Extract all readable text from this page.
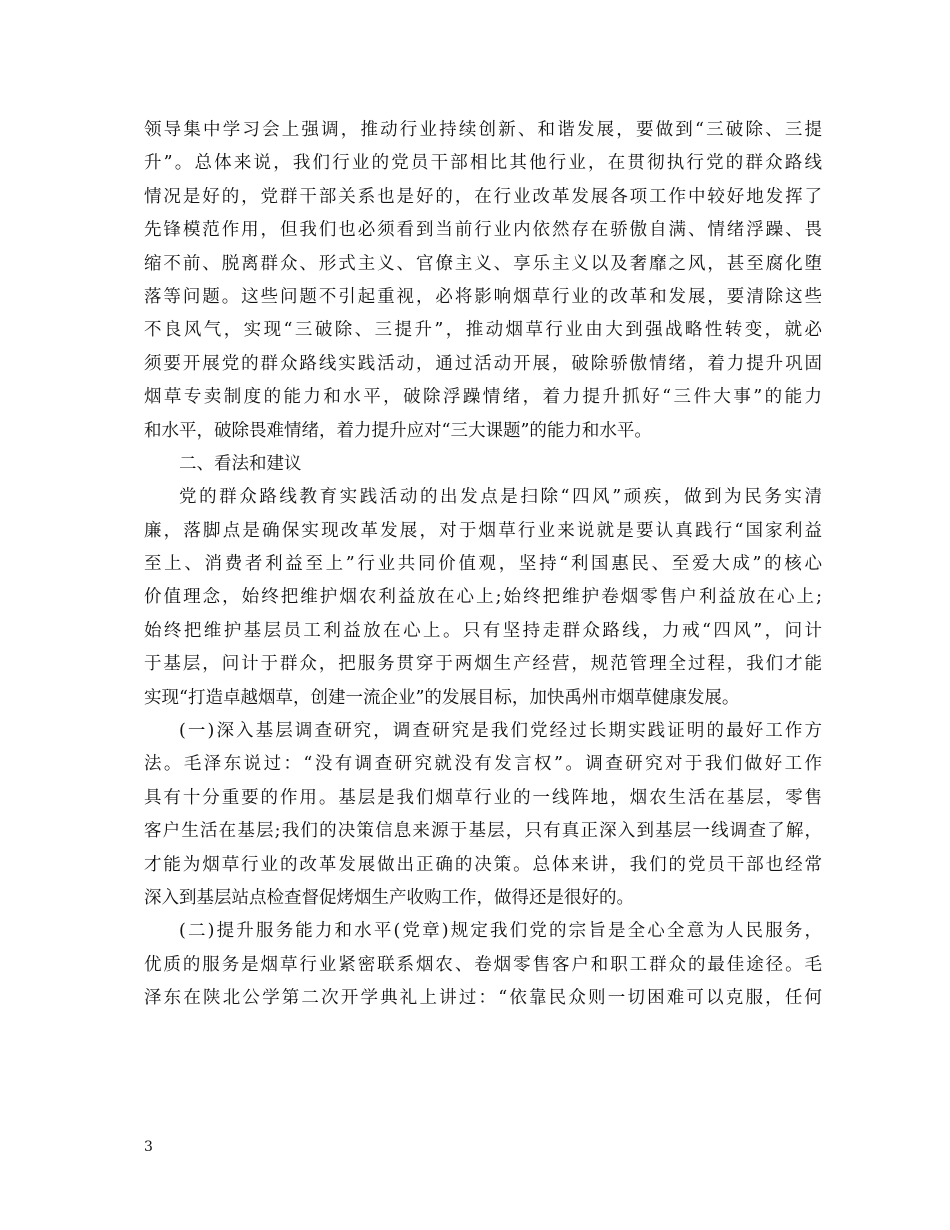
领导集中学习会上强调，推动行业持续创新、和谐发展，要做到“三破除、三提
升”。总体来说，我们行业的党员干部相比其他行业，在贯彻执行党的群众路线
情况是好的，党群干部关系也是好的，在行业改革发展各项工作中较好地发挥了
先锋模范作用，但我们也必须看到当前行业内依然存在骄傲自满、情绪浮躁、畏
缩不前、脱离群众、形式主义、官僚主义、享乐主义以及奢靡之风，甚至腐化堕
落等问题。这些问题不引起重视，必将影响烟草行业的改革和发展，要清除这些
不良风气，实现“三破除、三提升”，推动烟草行业由大到强战略性转变，就必
须要开展党的群众路线实践活动，通过活动开展，破除骄傲情绪，着力提升巩固
烟草专卖制度的能力和水平，破除浮躁情绪，着力提升抓好“三件大事”的能力
和水平，破除畏难情绪，着力提升应对“三大课题”的能力和水平。
二、看法和建议
党的群众路线教育实践活动的出发点是扫除“四风”顽疾，做到为民务实清
廉，落脚点是确保实现改革发展，对于烟草行业来说就是要认真践行“国家利益
至上、消费者利益至上”行业共同价值观，坚持“利国惠民、至爱大成”的核心
价值理念，始终把维护烟农利益放在心上;始终把维护卷烟零售户利益放在心上;
始终把维护基层员工利益放在心上。只有坚持走群众路线，力戒“四风”，问计
于基层，问计于群众，把服务贯穿于两烟生产经营，规范管理全过程，我们才能
实现“打造卓越烟草，创建一流企业”的发展目标，加快禹州市烟草健康发展。
(一)深入基层调查研究，调查研究是我们党经过长期实践证明的最好工作方
法。毛泽东说过：“没有调查研究就没有发言权”。调查研究对于我们做好工作
具有十分重要的作用。基层是我们烟草行业的一线阵地，烟农生活在基层，零售
客户生活在基层;我们的决策信息来源于基层，只有真正深入到基层一线调查了解，
才能为烟草行业的改革发展做出正确的决策。总体来讲，我们的党员干部也经常
深入到基层站点检查督促烤烟生产收购工作，做得还是很好的。
(二)提升服务能力和水平(党章)规定我们党的宗旨是全心全意为人民服务，
优质的服务是烟草行业紧密联系烟农、卷烟零售客户和职工群众的最佳途径。毛
泽东在陕北公学第二次开学典礼上讲过：“依靠民众则一切困难可以克服，任何
3
